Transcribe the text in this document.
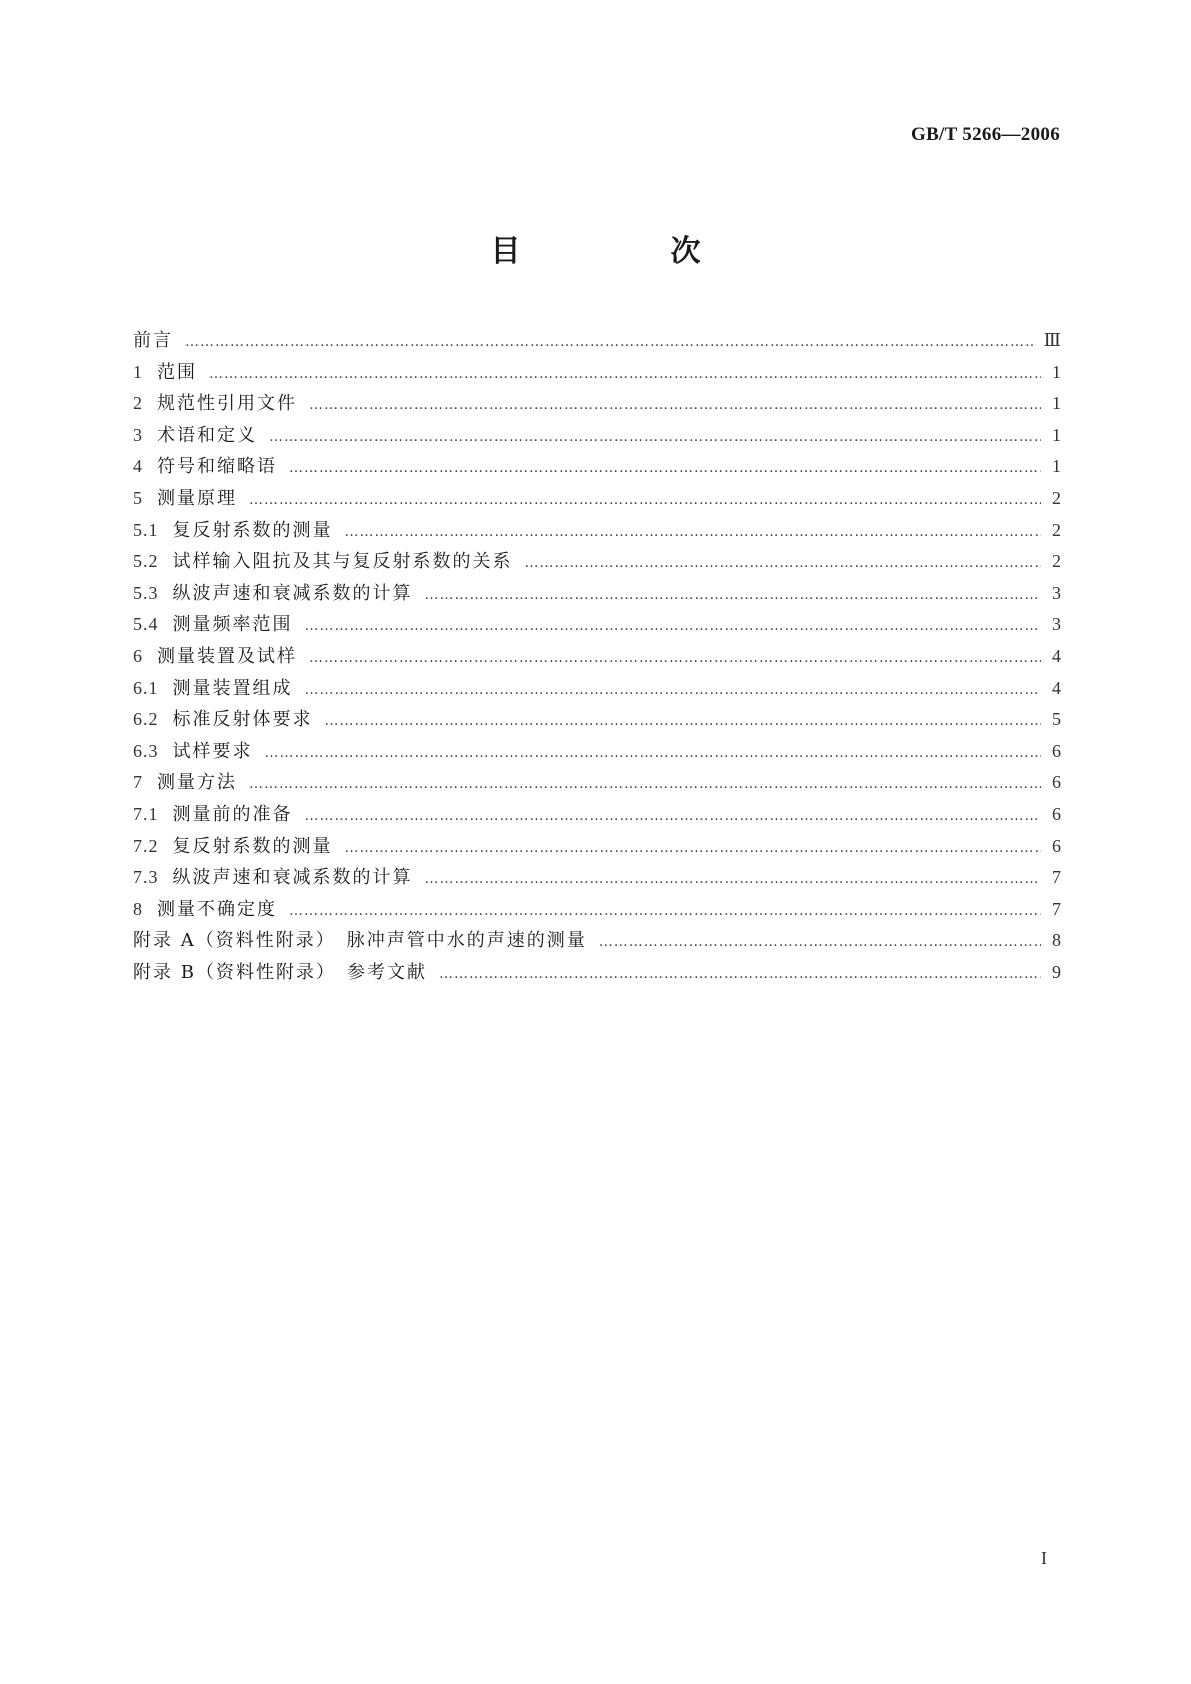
GB/T 5266—2006
目　次
前言 ……………………………………………………………………………………………………………………………………………………………………………………………………………………………………………………	Ⅲ
1 范围 ……………………………………………………………………………………………………………………………………………………………………………………………………………………………………………………	1
2 规范性引用文件 ……………………………………………………………………………………………………………………………………………………………………………………………………………………………………………………	1
3 术语和定义 ……………………………………………………………………………………………………………………………………………………………………………………………………………………………………………………	1
4 符号和缩略语 ……………………………………………………………………………………………………………………………………………………………………………………………………………………………………………………	1
5 测量原理 ……………………………………………………………………………………………………………………………………………………………………………………………………………………………………………………	2
5.1 复反射系数的测量 ……………………………………………………………………………………………………………………………………………………………………………………………………………………………………………………	2
5.2 试样输入阻抗及其与复反射系数的关系 ……………………………………………………………………………………………………………………………………………………………………………………………………………………………………………………	2
5.3 纵波声速和衰减系数的计算 ……………………………………………………………………………………………………………………………………………………………………………………………………………………………………………………	3
5.4 测量频率范围 ……………………………………………………………………………………………………………………………………………………………………………………………………………………………………………………	3
6 测量装置及试样 ……………………………………………………………………………………………………………………………………………………………………………………………………………………………………………………	4
6.1 测量装置组成 ……………………………………………………………………………………………………………………………………………………………………………………………………………………………………………………	4
6.2 标准反射体要求 ……………………………………………………………………………………………………………………………………………………………………………………………………………………………………………………	5
6.3 试样要求 ……………………………………………………………………………………………………………………………………………………………………………………………………………………………………………………	6
7 测量方法 ……………………………………………………………………………………………………………………………………………………………………………………………………………………………………………………	6
7.1 测量前的准备 ……………………………………………………………………………………………………………………………………………………………………………………………………………………………………………………	6
7.2 复反射系数的测量 ……………………………………………………………………………………………………………………………………………………………………………………………………………………………………………………	6
7.3 纵波声速和衰减系数的计算 ……………………………………………………………………………………………………………………………………………………………………………………………………………………………………………………	7
8 测量不确定度 ……………………………………………………………………………………………………………………………………………………………………………………………………………………………………………………	7
附录 A（资料性附录）　脉冲声管中水的声速的测量 ……………………………………………………………………………………………………………………………………………………………………………………………………………………………………………………	8
附录 B（资料性附录）　参考文献 ……………………………………………………………………………………………………………………………………………………………………………………………………………………………………………………	9
I
